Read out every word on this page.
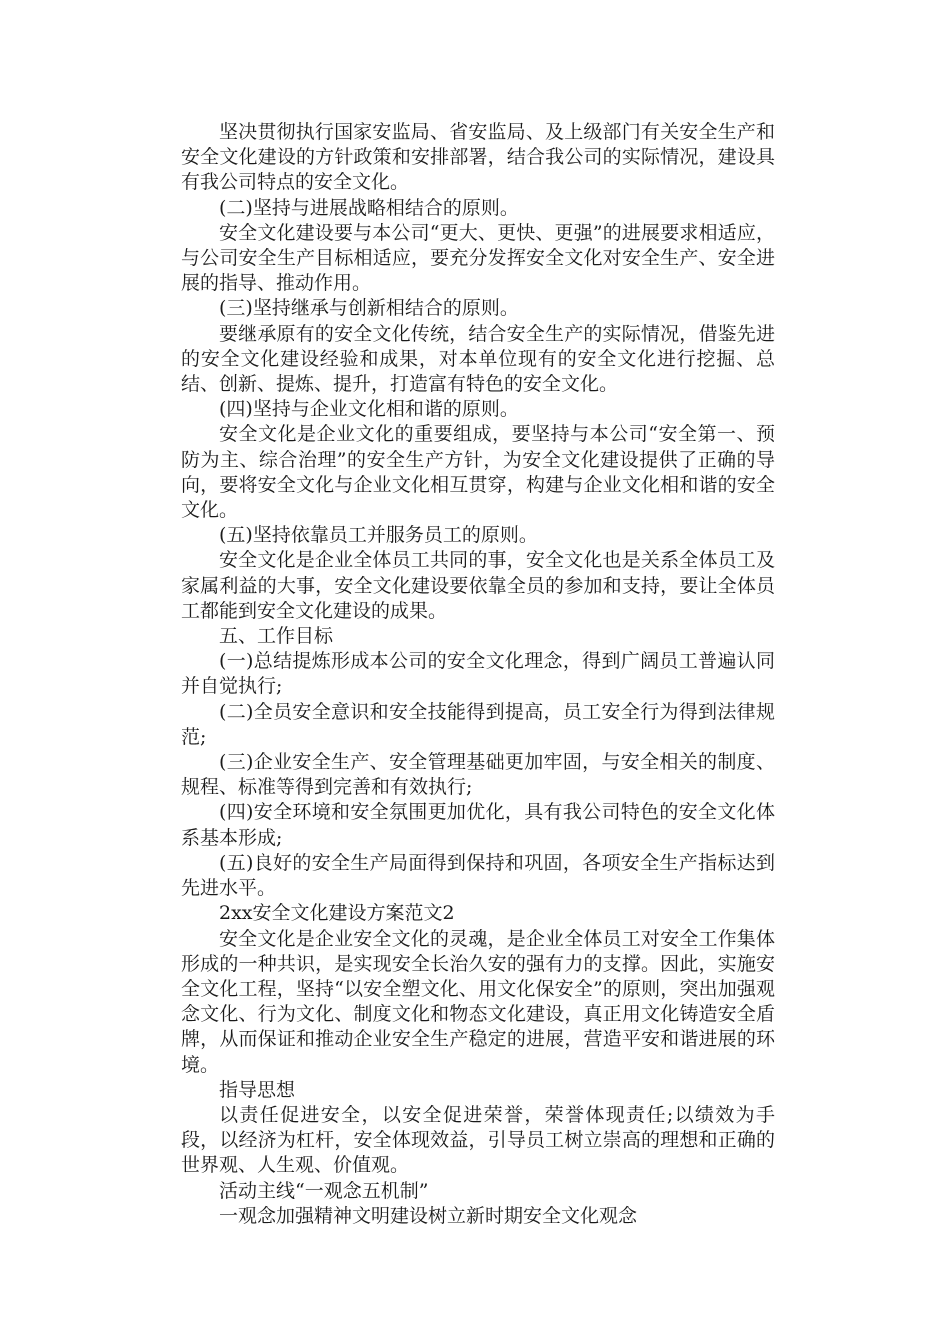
坚决贯彻执行国家安监局、省安监局、及上级部门有关安全生产和安全文化建设的方针政策和安排部署，结合我公司的实际情况，建设具有我公司特点的安全文化。

(二)坚持与进展战略相结合的原则。

安全文化建设要与本公司“更大、更快、更强”的进展要求相适应，与公司安全生产目标相适应，要充分发挥安全文化对安全生产、安全进展的指导、推动作用。

(三)坚持继承与创新相结合的原则。

要继承原有的安全文化传统，结合安全生产的实际情况，借鉴先进的安全文化建设经验和成果，对本单位现有的安全文化进行挖掘、总结、创新、提炼、提升，打造富有特色的安全文化。

(四)坚持与企业文化相和谐的原则。

安全文化是企业文化的重要组成，要坚持与本公司“安全第一、预防为主、综合治理”的安全生产方针，为安全文化建设提供了正确的导向，要将安全文化与企业文化相互贯穿，构建与企业文化相和谐的安全文化。

(五)坚持依靠员工并服务员工的原则。

安全文化是企业全体员工共同的事，安全文化也是关系全体员工及家属利益的大事，安全文化建设要依靠全员的参加和支持，要让全体员工都能到安全文化建设的成果。

五、工作目标

(一)总结提炼形成本公司的安全文化理念，得到广阔员工普遍认同并自觉执行;

(二)全员安全意识和安全技能得到提高，员工安全行为得到法律规范;

(三)企业安全生产、安全管理基础更加牢固，与安全相关的制度、规程、标准等得到完善和有效执行;

(四)安全环境和安全氛围更加优化，具有我公司特色的安全文化体系基本形成;

(五)良好的安全生产局面得到保持和巩固，各项安全生产指标达到先进水平。

2xx安全文化建设方案范文2

安全文化是企业安全文化的灵魂，是企业全体员工对安全工作集体形成的一种共识，是实现安全长治久安的强有力的支撑。因此，实施安全文化工程，坚持“以安全塑文化、用文化保安全”的原则，突出加强观念文化、行为文化、制度文化和物态文化建设，真正用文化铸造安全盾牌，从而保证和推动企业安全生产稳定的进展，营造平安和谐进展的环境。

指导思想

以责任促进安全，以安全促进荣誉，荣誉体现责任;以绩效为手段，以经济为杠杆，安全体现效益，引导员工树立崇高的理想和正确的世界观、人生观、价值观。

活动主线“一观念五机制”

一观念加强精神文明建设树立新时期安全文化观念
